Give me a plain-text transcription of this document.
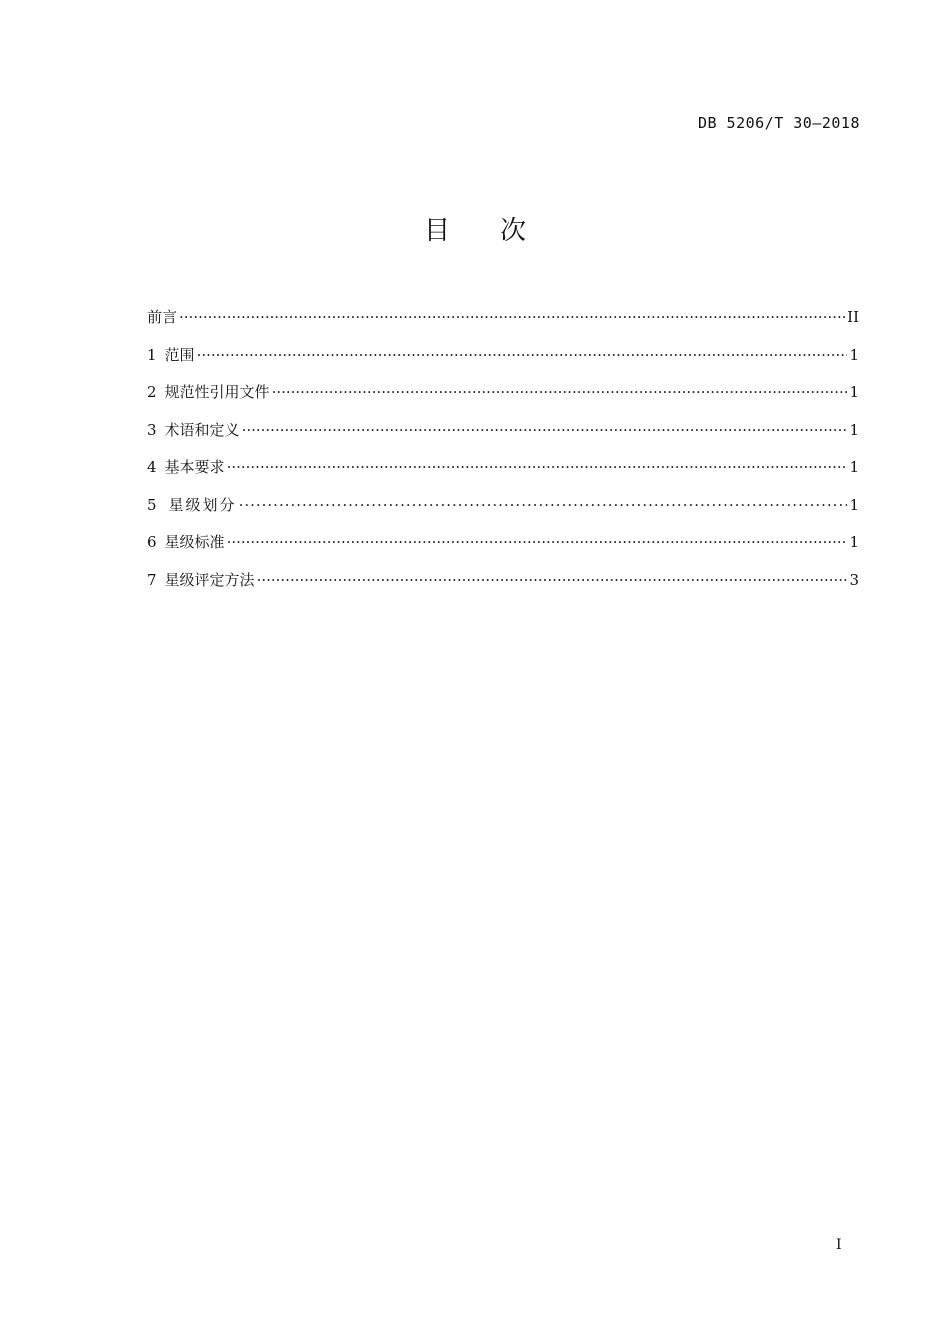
DB 5206/T 30—2018
目 次
前言 ·····	II
1 范围 ·····	1
2 规范性引用文件 ·····	1
3 术语和定义 ·····	1
4 基本要求 ·····	1
5 星级划分 ·····	1
6 星级标准 ·····	1
7 星级评定方法 ·····	3
I
